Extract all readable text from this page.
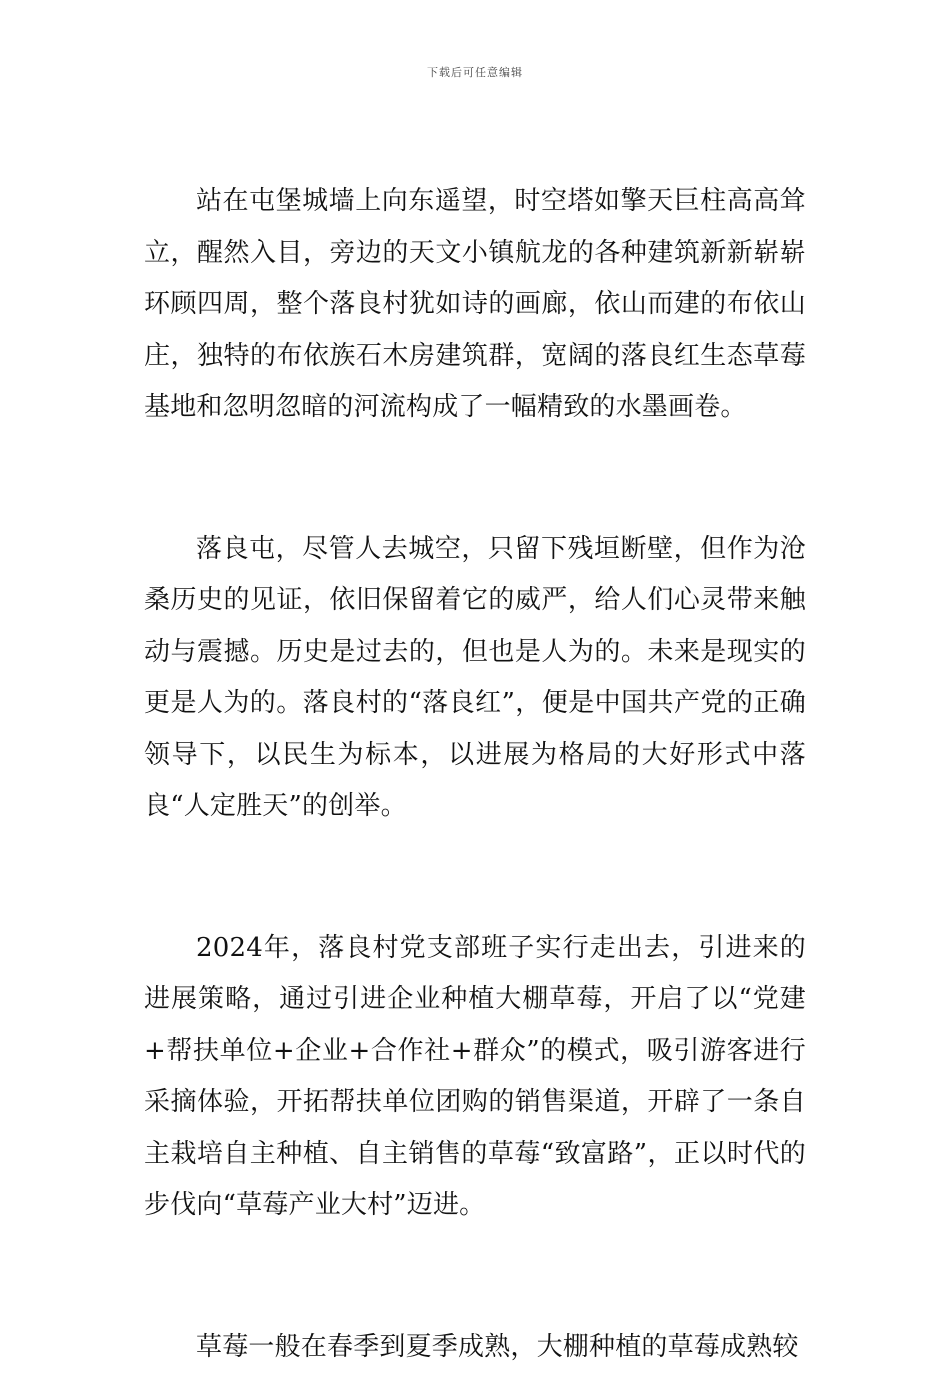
下载后可任意编辑

站在屯堡城墙上向东遥望，时空塔如擎天巨柱高高耸立，醒然入目，旁边的天文小镇航龙的各种建筑新新崭崭环顾四周，整个落良村犹如诗的画廊，依山而建的布依山庄，独特的布依族石木房建筑群，宽阔的落良红生态草莓基地和忽明忽暗的河流构成了一幅精致的水墨画卷。

落良屯，尽管人去城空，只留下残垣断壁，但作为沧桑历史的见证，依旧保留着它的威严，给人们心灵带来触动与震撼。历史是过去的，但也是人为的。未来是现实的更是人为的。落良村的“落良红”，便是中国共产党的正确领导下，以民生为标本，以进展为格局的大好形式中落良“人定胜天”的创举。

2024年，落良村党支部班子实行走出去，引进来的进展策略，通过引进企业种植大棚草莓，开启了以“党建+帮扶单位+企业+合作社+群众”的模式，吸引游客进行采摘体验，开拓帮扶单位团购的销售渠道，开辟了一条自主栽培自主种植、自主销售的草莓“致富路”，正以时代的步伐向“草莓产业大村”迈进。

草莓一般在春季到夏季成熟，大棚种植的草莓成熟较
